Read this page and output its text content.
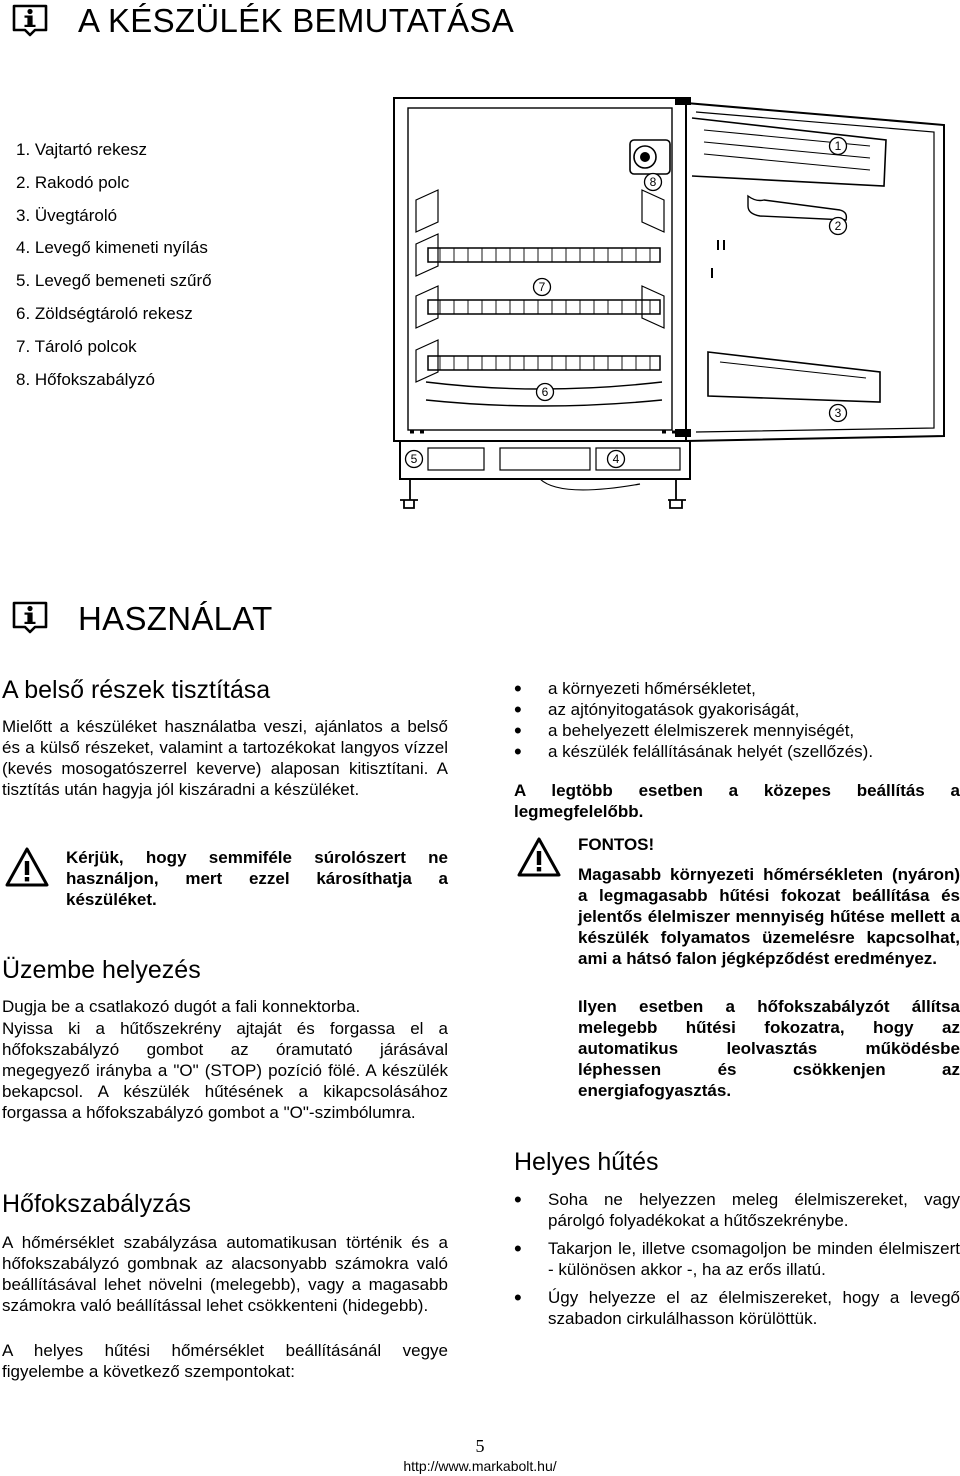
A KÉSZÜLÉK BEMUTATÁSA
1. Vajtartó rekesz
2. Rakodó polc
3. Üvegtároló
4. Levegő kimeneti nyílás
5. Levegő bemeneti szűrő
6. Zöldségtároló rekesz
7. Tároló polcok
8. Hőfokszabályzó
1
2
3
4
5
6
7
8
HASZNÁLAT
A belső részek tisztítása

Mielőtt a készüléket használatba veszi, ajánlatos a belső és a külső részeket, valamint a tartozékokat langyos vízzel (kevés mosogatószerrel keverve) alaposan kitisztítani. A tisztítás után hagyja jól kiszáradni a készüléket.

Kérjük, hogy semmiféle súrolószert ne használjon, mert ezzel károsíthatja a készüléket.

Üzembe helyezés

Dugja be a csatlakozó dugót a fali konnektorba.

Nyissa ki a hűtőszekrény ajtaját és forgassa el a hőfokszabályzó gombot az óramutató járásával megegyező irányba a "O" (STOP) pozíció fölé. A készülék bekapcsol. A készülék hűtésének a kikapcsolásához forgassa a hőfokszabályzó gombot a "O"-szimbólumra.

Hőfokszabályzás

A hőmérséklet szabályzása automatikusan történik és a hőfokszabályzó gombnak az alacsonyabb számokra való beállításával lehet növelni (melegebb), vagy a magasabb számokra való beállítással lehet csökkenteni (hidegebb).

A helyes hűtési hőmérséklet beállításánál vegye figyelembe a következő szempontokat:

• a környezeti hőmérsékletet,
• az ajtónyitogatások gyakoriságát,
• a behelyezett élelmiszerek mennyiségét,
• a készülék felállításának helyét (szellőzés).

A legtöbb esetben a közepes beállítás a legmegfelelőbb.

FONTOS!

Magasabb környezeti hőmérsékleten (nyáron) a legmagasabb hűtési fokozat beállítása és jelentős élelmiszer mennyiség hűtése mellett a készülék folyamatos üzemelésre kapcsolhat, ami a hátsó falon jégképződést eredményez.

Ilyen esetben a hőfokszabályzót állítsa melegebb hűtési fokozatra, hogy az automatikus leolvasztás működésbe léphessen és csökkenjen az energiafogyasztás.

Helyes hűtés
• Soha ne helyezzen meleg élelmiszereket, vagy párolgó folyadékokat a hűtőszekrénybe.
• Takarjon le, illetve csomagoljon be minden élelmiszert - különösen akkor -, ha az erős illatú.
• Úgy helyezze el az élelmiszereket, hogy a levegő szabadon cirkulálhasson körülöttük.
5
http://www.markabolt.hu/
